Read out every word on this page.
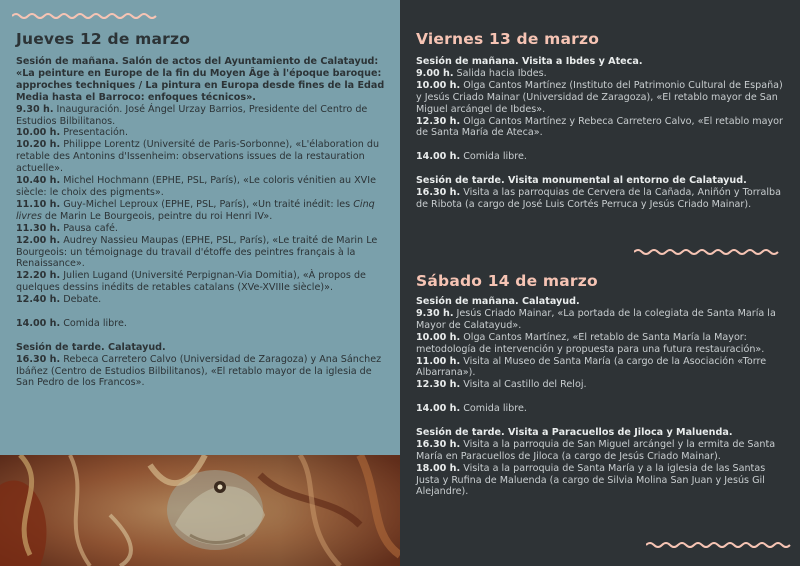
Jueves 12 de marzo
Sesión de mañana. Salón de actos del Ayuntamiento de Calatayud: «La peinture en Europe de la fin du Moyen Âge à l'époque baroque: approches techniques / La pintura en Europa desde fines de la Edad Media hasta el Barroco: enfoques técnicos».
9.30 h. Inauguración. José Ángel Urzay Barrios, Presidente del Centro de Estudios Bilbilitanos.
10.00 h. Presentación.
10.20 h. Philippe Lorentz (Université de Paris-Sorbonne), «L'élaboration du retable des Antonins d'Issenheim: observations issues de la restauration actuelle».
10.40 h. Michel Hochmann (EPHE, PSL, París), «Le coloris vénitien au XVIe siècle: le choix des pigments».
11.10 h. Guy-Michel Leproux (EPHE, PSL, París), «Un traité inédit: les Cinq livres de Marin Le Bourgeois, peintre du roi Henri IV».
11.30 h. Pausa café.
12.00 h. Audrey Nassieu Maupas (EPHE, PSL, París), «Le traité de Marin Le Bourgeois: un témoignage du travail d'étoffe des peintres français à la Renaissance».
12.20 h. Julien Lugand (Université Perpignan-Via Domitia), «À propos de quelques dessins inédits de retables catalans (XVe-XVIIIe siècle)».
12.40 h. Debate.
14.00 h. Comida libre.
Sesión de tarde. Calatayud.
16.30 h. Rebeca Carretero Calvo (Universidad de Zaragoza) y Ana Sánchez Ibáñez (Centro de Estudios Bilbilitanos), «El retablo mayor de la iglesia de San Pedro de los Francos».
Viernes 13 de marzo
Sesión de mañana. Visita a Ibdes y Ateca.
9.00 h. Salida hacia Ibdes.
10.00 h. Olga Cantos Martínez (Instituto del Patrimonio Cultural de España) y Jesús Criado Mainar (Universidad de Zaragoza), «El retablo mayor de San Miguel arcángel de Ibdes».
12.30 h. Olga Cantos Martínez y Rebeca Carretero Calvo, «El retablo mayor de Santa María de Ateca».
14.00 h. Comida libre.
Sesión de tarde. Visita monumental al entorno de Calatayud.
16.30 h. Visita a las parroquias de Cervera de la Cañada, Aniñón y Torralba de Ribota (a cargo de José Luis Cortés Perruca y Jesús Criado Mainar).
Sábado 14 de marzo
Sesión de mañana. Calatayud.
9.30 h. Jesús Criado Mainar, «La portada de la colegiata de Santa María la Mayor de Calatayud».
10.00 h. Olga Cantos Martínez, «El retablo de Santa María la Mayor: metodología de intervención y propuesta para una futura restauración».
11.00 h. Visita al Museo de Santa María (a cargo de la Asociación «Torre Albarrana»).
12.30 h. Visita al Castillo del Reloj.
14.00 h. Comida libre.
Sesión de tarde. Visita a Paracuellos de Jiloca y Maluenda.
16.30 h. Visita a la parroquia de San Miguel arcángel y la ermita de Santa María en Paracuellos de Jiloca (a cargo de Jesús Criado Mainar).
18.00 h. Visita a la parroquia de Santa María y a la iglesia de las Santas Justa y Rufina de Maluenda (a cargo de Silvia Molina San Juan y Jesús Gil Alejandre).
